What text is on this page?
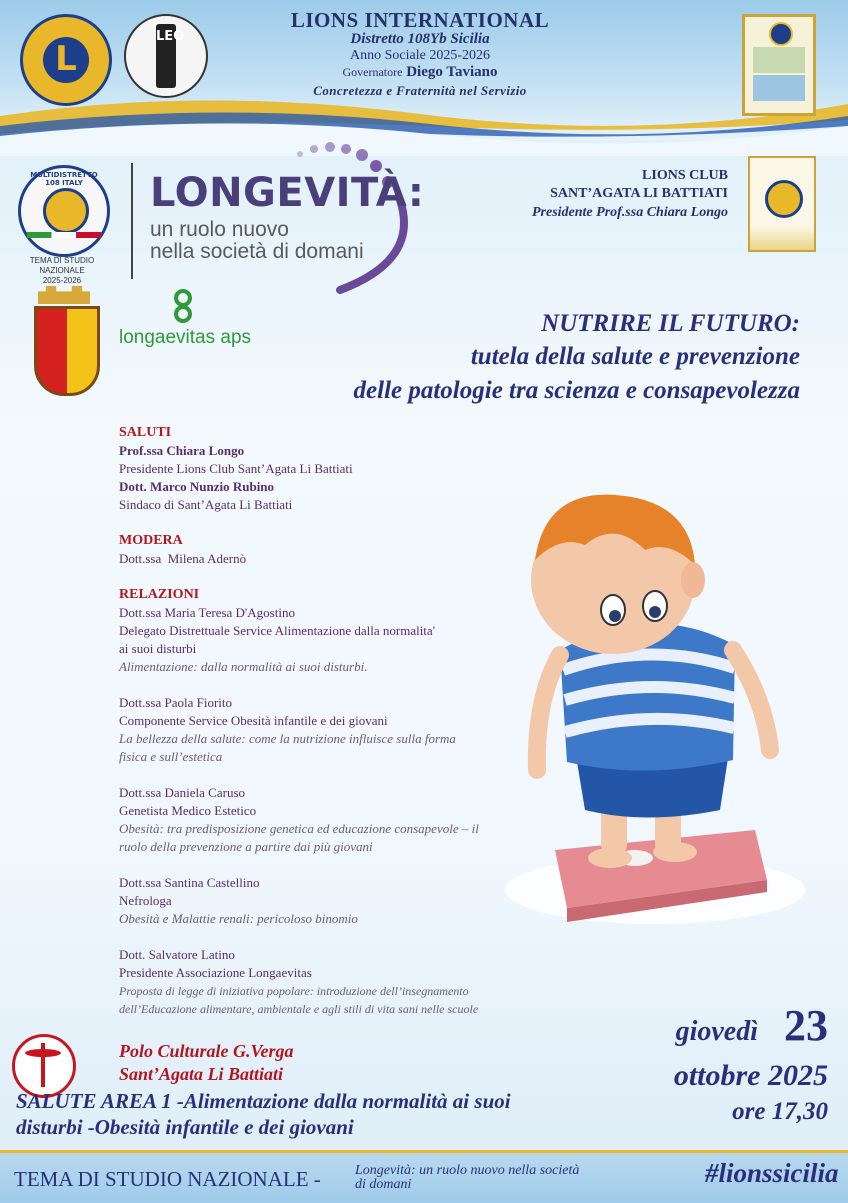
L
LEO
LIONS INTERNATIONAL
Distretto 108Yb Sicilia
Anno Sociale 2025-2026
Governatore Diego Taviano
Concretezza e Fraternità nel Servizio
MULTIDISTRETTO 108 ITALY
TEMA DI STUDIO NAZIONALE
2025-2026
LONGEVITÀ:
un ruolo nuovo
nella società di domani
LIONS CLUB
SANT’AGATA LI BATTIATI
Presidente Prof.ssa Chiara Longo
longaevitas aps
NUTRIRE IL FUTURO:
tutela della salute e prevenzione
delle patologie tra scienza e consapevolezza
SALUTI
Prof.ssa Chiara Longo
Presidente Lions Club Sant’Agata Li Battiati
Dott. Marco Nunzio Rubino
Sindaco di Sant’Agata Li Battiati
MODERA
Dott.ssa Milena Adernò
RELAZIONI
Dott.ssa Maria Teresa D'Agostino
Delegato Distrettuale Service Alimentazione dalla normalita'
ai suoi disturbi
Alimentazione: dalla normalità ai suoi disturbi.
Dott.ssa Paola Fiorito
Componente Service Obesità infantile e dei giovani
La bellezza della salute: come la nutrizione influisce sulla forma
fisica e sull’estetica
Dott.ssa Daniela Caruso
Genetista Medico Estetico
Obesità: tra predisposizione genetica ed educazione consapevole – il
ruolo della prevenzione a partire dai più giovani
Dott.ssa Santina Castellino
Nefrologa
Obesità e Malattie renali: pericoloso binomio
Dott. Salvatore Latino
Presidente Associazione Longaevitas
Proposta di legge di iniziativa popolare: introduzione dell’insegnamento
dell’Educazione alimentare, ambientale e agli stili di vita sani nelle scuole
Polo Culturale G.Verga
Sant’Agata Li Battiati
SALUTE AREA 1 -Alimentazione dalla normalità ai suoi
disturbi -Obesità infantile e dei giovani
giovedì 23
ottobre 2025
ore 17,30
TEMA DI STUDIO NAZIONALE - Longevità: un ruolo nuovo nella società
di domani	#lionssicilia
